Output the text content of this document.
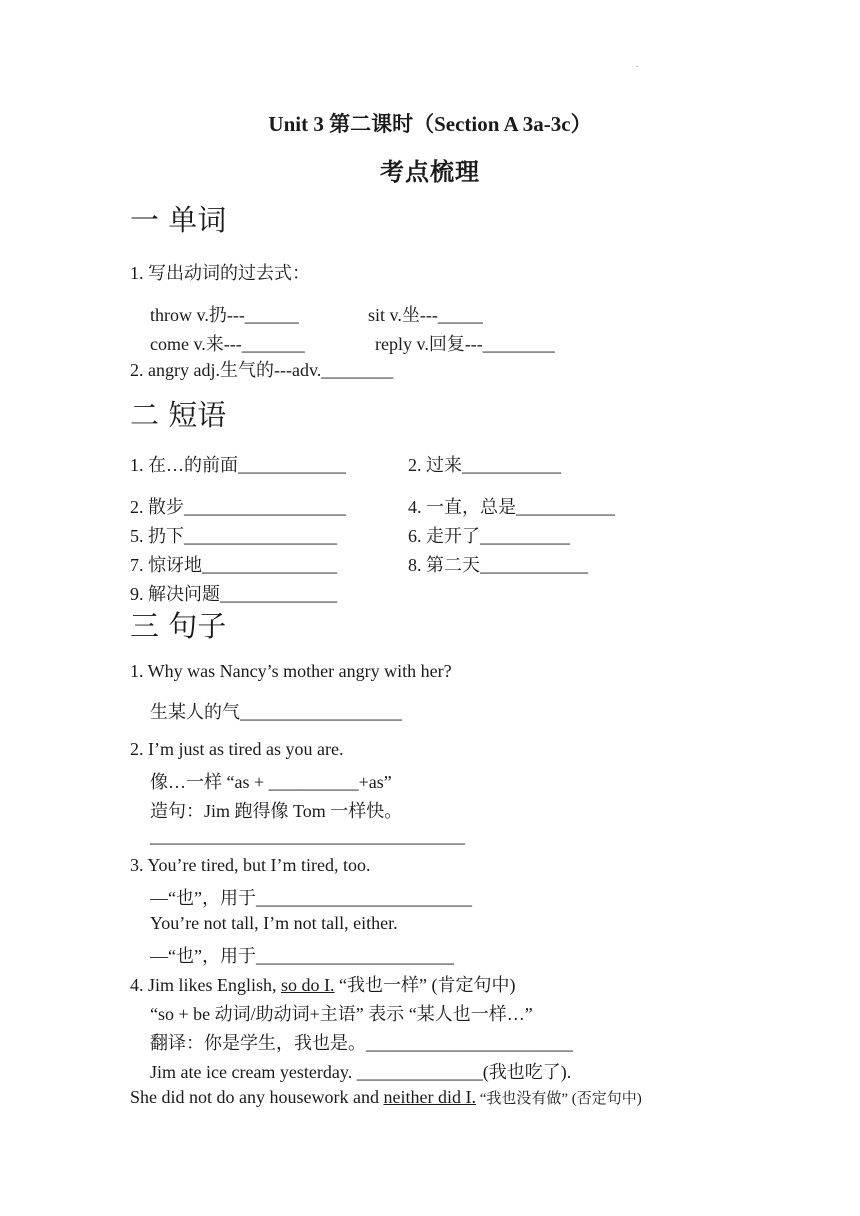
.
Unit 3 第二课时（Section A 3a-3c）
考点梳理
一 单词
1. 写出动词的过去式：
throw v.扔---______	sit v.坐---_____
come v.来---_______	reply v.回复---________
2. angry adj.生气的---adv.________
二 短语
1. 在…的前面____________	2. 过来___________
2. 散步__________________	4. 一直，总是___________
5. 扔下_________________	6. 走开了__________
7. 惊讶地_______________	8. 第二天____________
9. 解决问题_____________
三 句子
1. Why was Nancy’s mother angry with her?
生某人的气__________________
2. I’m just as tired as you are.
像…一样 “as + __________+as”
造句：Jim 跑得像 Tom 一样快。
___________________________________
3. You’re tired, but I’m tired, too.
—“也”，用于________________________
You’re not tall, I’m not tall, either.
—“也”，用于______________________
4. Jim likes English, so do I. “我也一样” (肯定句中)
“so + be 动词/助动词+主语” 表示 “某人也一样…”
翻译：你是学生，我也是。_______________________
Jim ate ice cream yesterday. ______________(我也吃了).
She did not do any housework and neither did I. “我也没有做” (否定句中)
